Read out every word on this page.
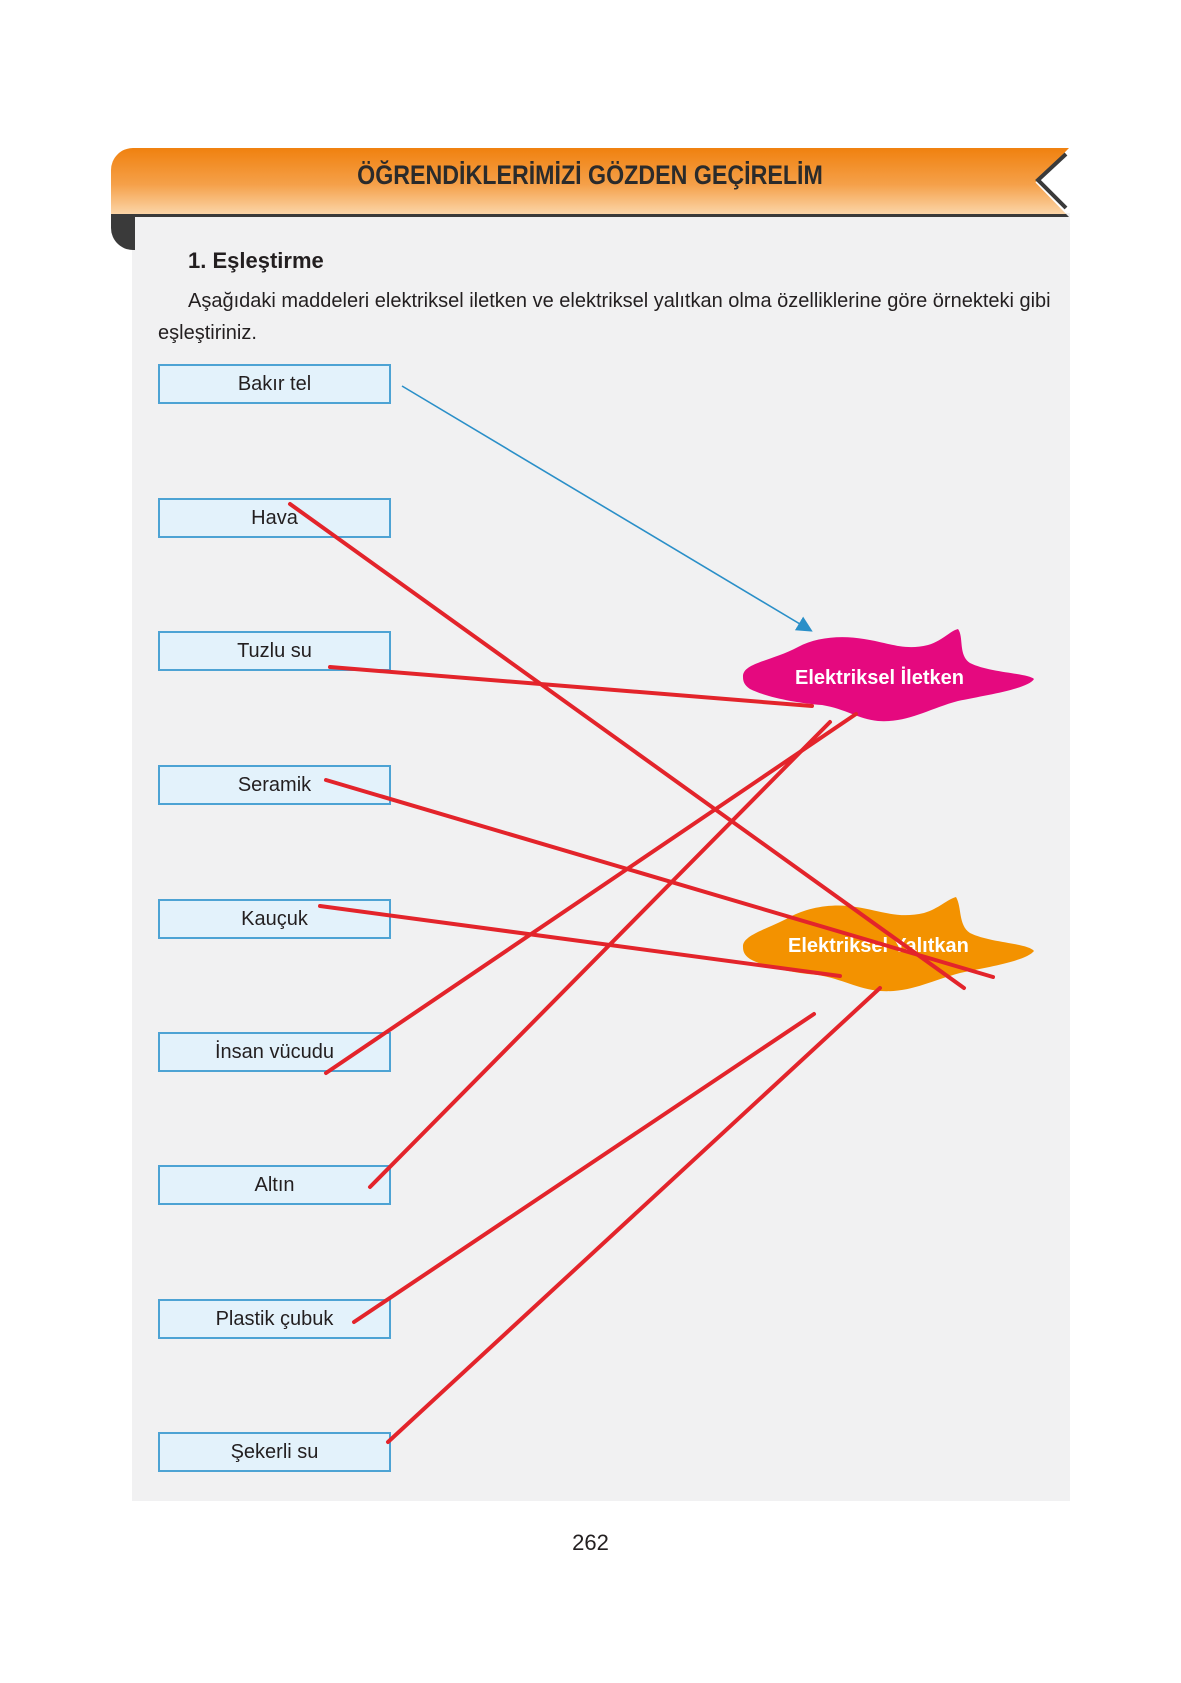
ÖĞRENDİKLERİMİZİ GÖZDEN GEÇİRELİM
1. Eşleştirme
Aşağıdaki maddeleri elektriksel iletken ve elektriksel yalıtkan olma özelliklerine göre örnekteki gibi eşleştiriniz.
Bakır tel
Hava
Tuzlu su
Seramik
Kauçuk
İnsan vücudu
Altın
Plastik çubuk
Şekerli su
Elektriksel İletken
Elektriksel Yalıtkan
262
